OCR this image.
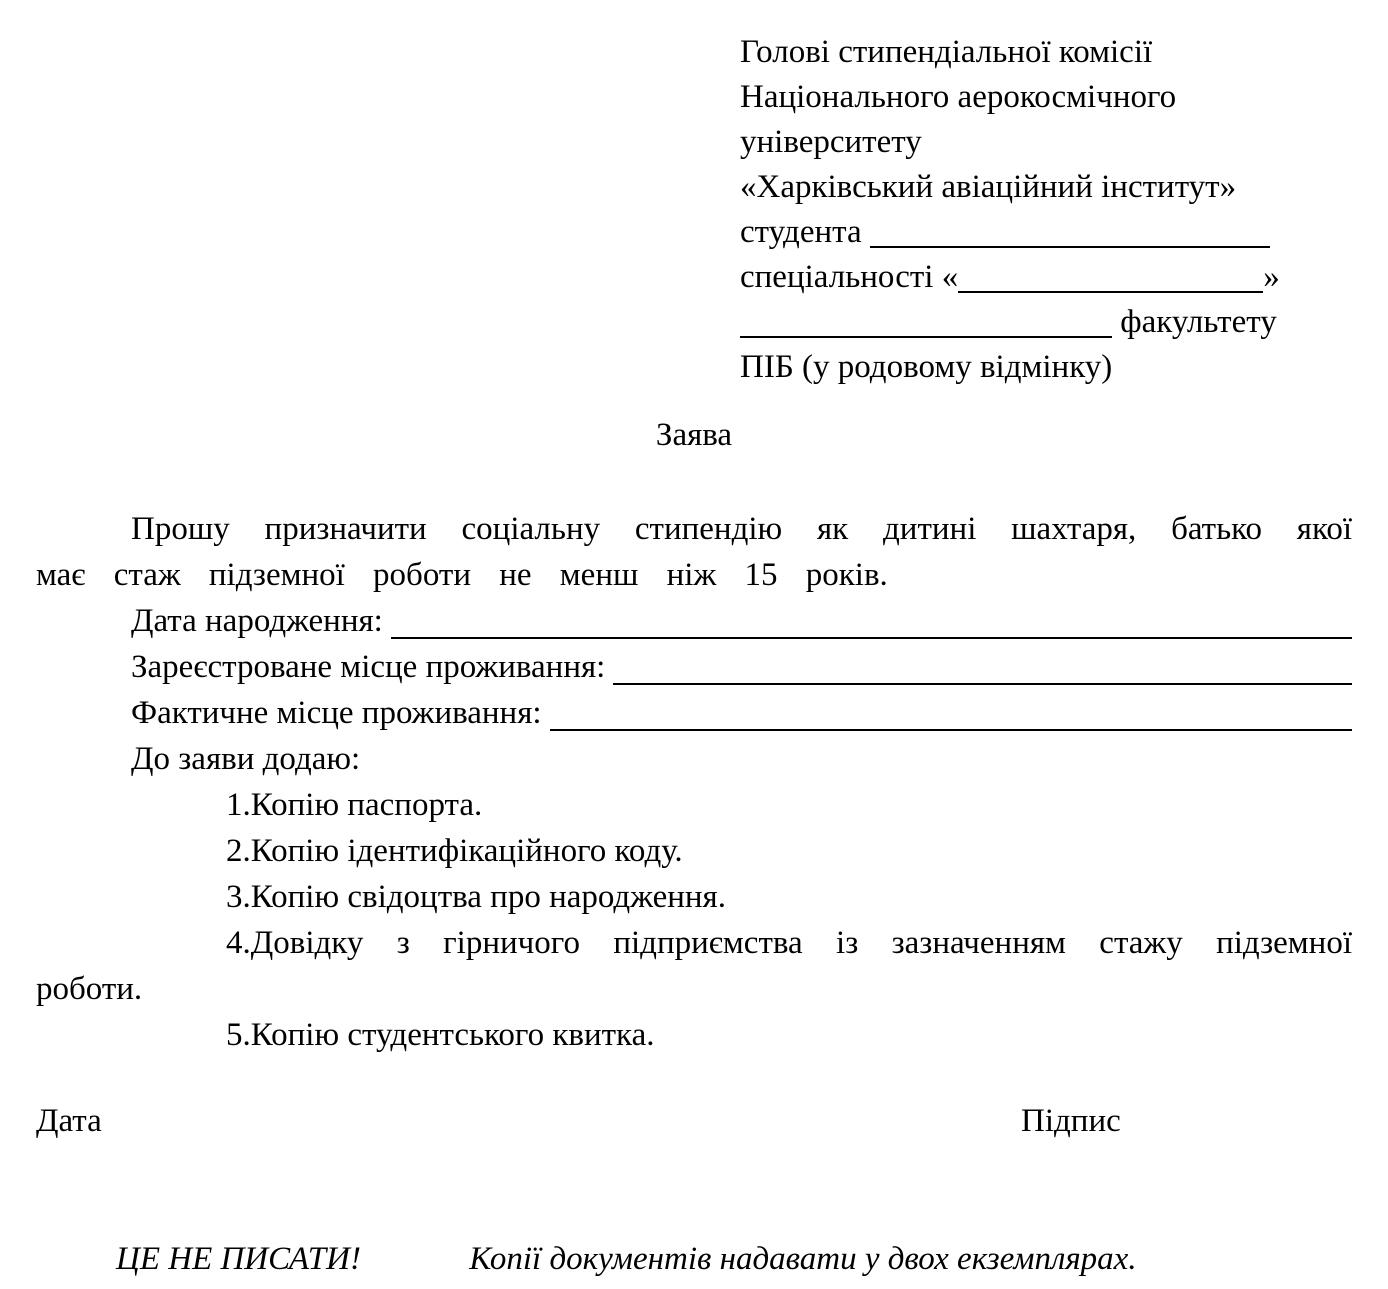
Голові стипендіальної комісії
Національного аерокосмічного
університету
«Харківський авіаційний інститут»
студента
спеціальності «	»
факультету
ПІБ (у родовому відмінку)

Заява

Прошу призначити соціальну стипендію як дитині шахтаря, батько якої має стаж підземної роботи не менш ніж 15 років.

Дата народження:
Зареєстроване місце проживання:
Фактичне місце проживання:

До заяви додаю:

1.Копію паспорта.

2.Копію ідентифікаційного коду.

3.Копію свідоцтва про народження.

4.Довідку з гірничого підприємства із зазначенням стажу підземної роботи.

5.Копію студентського квитка.

Дата	Підпис
ЦЕ НЕ ПИСАТИ!	Копії документів надавати у двох екземплярах.
